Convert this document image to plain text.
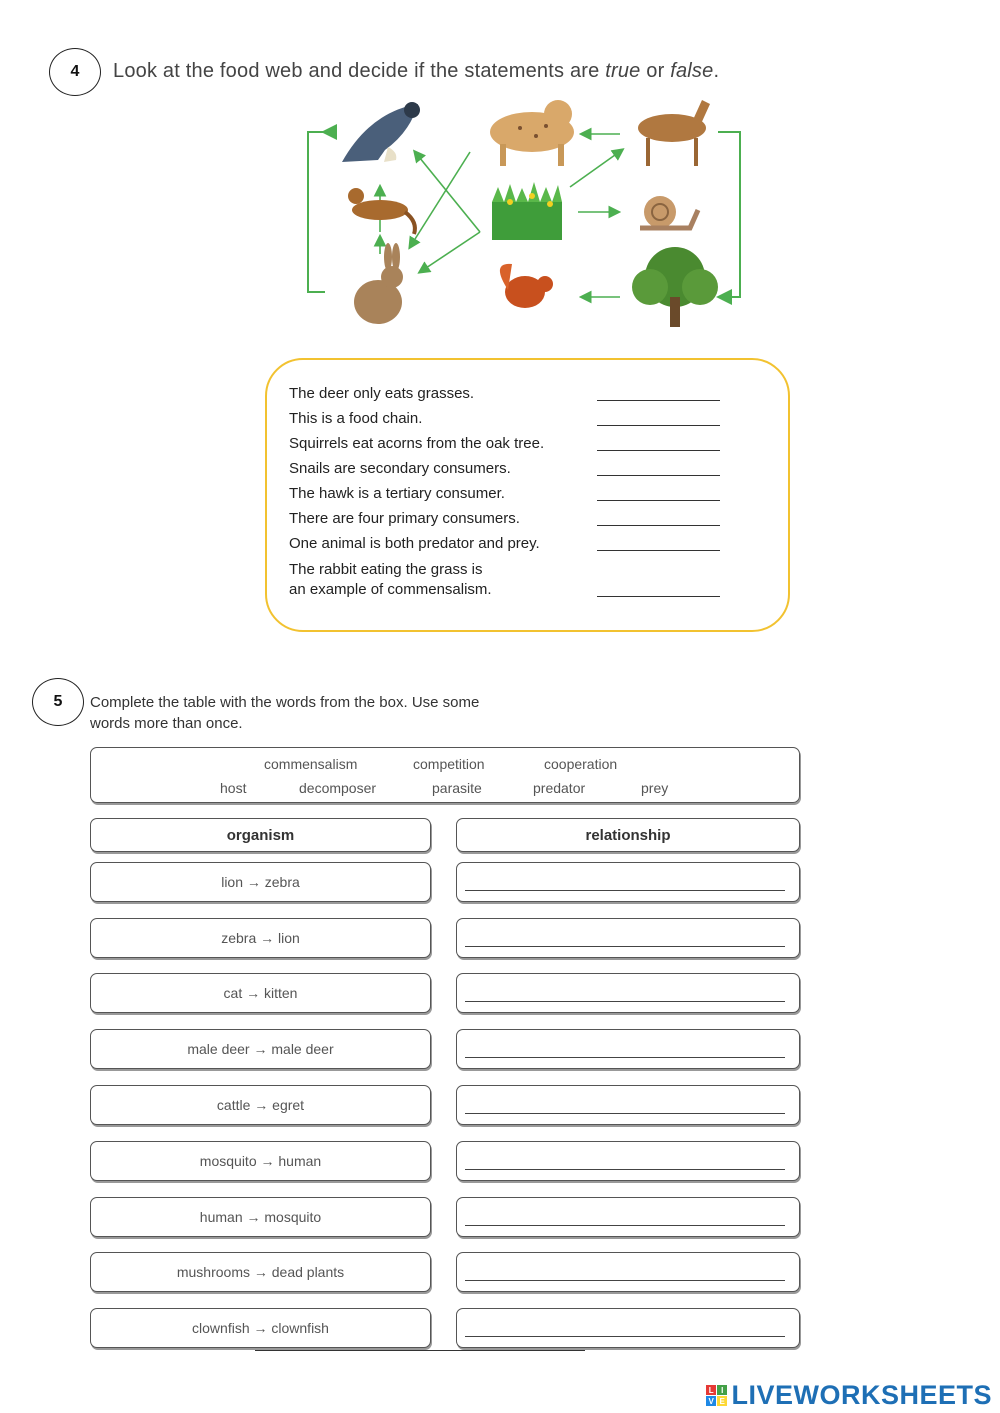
4	Look at the food web and decide if the statements are true or false.
The deer only eats grasses.
This is a food chain.
Squirrels eat acorns from the oak tree.
Snails are secondary consumers.
The hawk is a tertiary consumer.
There are four primary consumers.
One animal is both predator and prey.
The rabbit eating the grass is
an example of commensalism.
5	Complete the table with the words from the box. Use some
words more than once.
commensalism	competition	cooperation
host	decomposer	parasite	predator	prey
organism	relationship
lion → zebra
zebra → lion
cat → kitten
male deer → male deer
cattle → egret
mosquito → human
human → mosquito
mushrooms → dead plants
clownfish → clownfish
L I
V E LIVEWORKSHEETS
